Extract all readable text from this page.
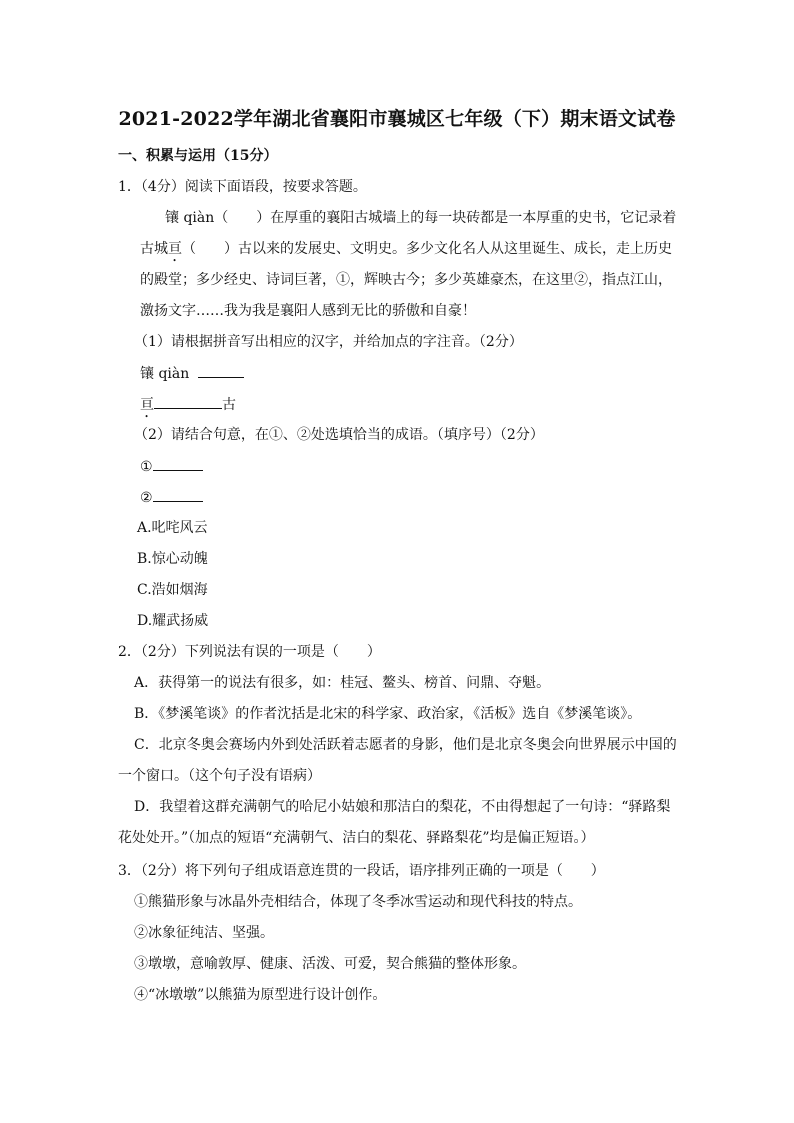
2021-2022学年湖北省襄阳市襄城区七年级（下）期末语文试卷
一、积累与运用（15分）
1．（4分）阅读下面语段，按要求答题。
镶 qiàn（ ）在厚重的襄阳古城墙上的每一块砖都是一本厚重的史书，它记录着
古城亘（ ）古以来的发展史、文明史。多少文化名人从这里诞生、成长，走上历史
的殿堂；多少经史、诗词巨著，①，辉映古今；多少英雄豪杰，在这里②，指点江山，
激扬文字……我为我是襄阳人感到无比的骄傲和自豪！
（1）请根据拼音写出相应的汉字，并给加点的字注音。（2分）
镶 qiàn
亘	古
（2）请结合句意，在①、②处选填恰当的成语。（填序号）（2分）
①
②
A.叱咤风云
B.惊心动魄
C.浩如烟海
D.耀武扬威
2．（2分）下列说法有误的一项是（　　）
A．获得第一的说法有很多，如：桂冠、鳌头、榜首、问鼎、夺魁。
B．《梦溪笔谈》的作者沈括是北宋的科学家、政治家，《活板》选自《梦溪笔谈》。
C．北京冬奥会赛场内外到处活跃着志愿者的身影，他们是北京冬奥会向世界展示中国的
一个窗口。（这个句子没有语病）
D．我望着这群充满朝气的哈尼小姑娘和那洁白的梨花，不由得想起了一句诗：“驿路梨
花处处开。”（加点的短语“充满朝气、洁白的梨花、驿路梨花”均是偏正短语。）
3．（2分）将下列句子组成语意连贯的一段话，语序排列正确的一项是（　　）
①熊猫形象与冰晶外壳相结合，体现了冬季冰雪运动和现代科技的特点。
②冰象征纯洁、坚强。
③墩墩，意喻敦厚、健康、活泼、可爱，契合熊猫的整体形象。
④“冰墩墩”以熊猫为原型进行设计创作。
